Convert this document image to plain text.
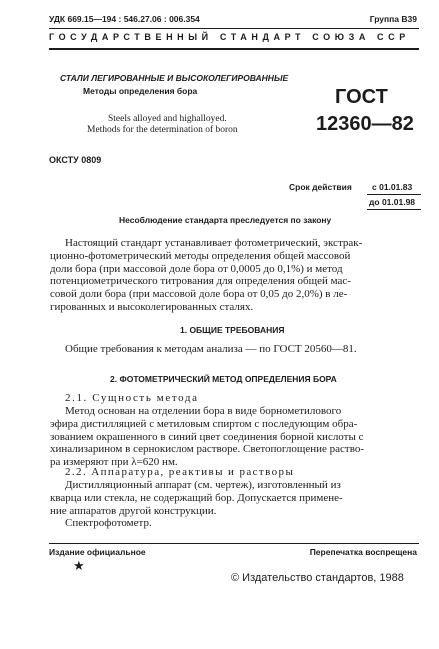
УДК 669.15—194 : 546.27.06 : 006.354	Группа В39
ГОСУДАРСТВЕННЫЙ СТАНДАРТ СОЮЗА ССР
СТАЛИ ЛЕГИРОВАННЫЕ И ВЫСОКОЛЕГИРОВАННЫЕ
Методы определения бора
Steels alloyed and highalloyed.
Methods for the determination of boron
ГОСТ
12360—82
ОКСТУ 0809
Срок действия с 01.01.83
до 01.01.98
Несоблюдение стандарта преследуется по закону
Настоящий стандарт устанавливает фотометрический, экстрак-
ционно-фотометрический методы определения общей массовой
доли бора (при массовой доле бора от 0,0005 до 0,1%) и метод
потенциометрического титрования для определения общей мас-
совой доли бора (при массовой доле бора от 0,05 до 2,0%) в ле-
гированных и высоколегированных сталях.
1. ОБЩИЕ ТРЕБОВАНИЯ
Общие требования к методам анализа — по ГОСТ 20560—81.
2. ФОТОМЕТРИЧЕСКИЙ МЕТОД ОПРЕДЕЛЕНИЯ БОРА
2.1. Сущность метода
Метод основан на отделении бора в виде борнометилового
эфира дистилляцией с метиловым спиртом с последующим обра-
зованием окрашенного в синий цвет соединения борной кислоты с
хинализарином в сернокислом растворе. Светопоглощение раство-
ра измеряют при λ=620 нм.
2.2. Аппаратура, реактивы и растворы
Дистилляционный аппарат (см. чертеж), изготовленный из
кварца или стекла, не содержащий бор. Допускается примене-
ние аппаратов другой конструкции.
Спектрофотометр.
Издание официальное	Перепечатка воспрещена
★
© Издательство стандартов, 1988
